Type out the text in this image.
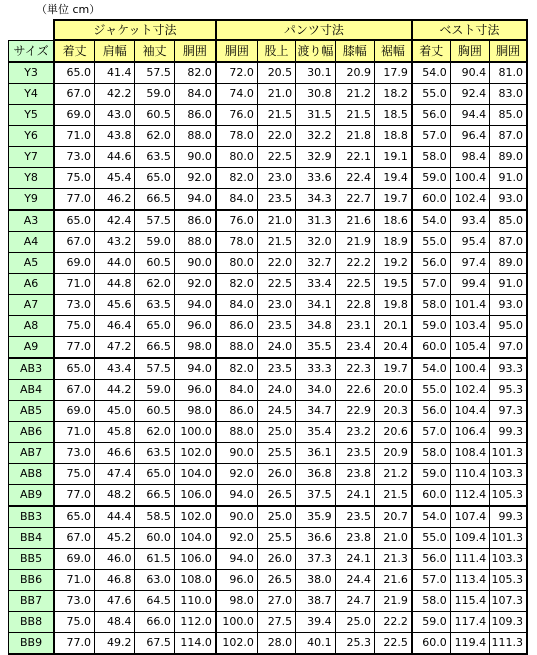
（単位 cm）
	ジャケット寸法				パンツ寸法					ベスト寸法		
サイズ	着丈	肩幅	袖丈	胴囲	胴囲	股上	渡り幅	膝幅	裾幅	着丈	胸囲	胴囲
Y3	65.0	41.4	57.5	82.0	72.0	20.5	30.1	20.9	17.9	54.0	90.4	81.0
Y4	67.0	42.2	59.0	84.0	74.0	21.0	30.8	21.2	18.2	55.0	92.4	83.0
Y5	69.0	43.0	60.5	86.0	76.0	21.5	31.5	21.5	18.5	56.0	94.4	85.0
Y6	71.0	43.8	62.0	88.0	78.0	22.0	32.2	21.8	18.8	57.0	96.4	87.0
Y7	73.0	44.6	63.5	90.0	80.0	22.5	32.9	22.1	19.1	58.0	98.4	89.0
Y8	75.0	45.4	65.0	92.0	82.0	23.0	33.6	22.4	19.4	59.0	100.4	91.0
Y9	77.0	46.2	66.5	94.0	84.0	23.5	34.3	22.7	19.7	60.0	102.4	93.0
A3	65.0	42.4	57.5	86.0	76.0	21.0	31.3	21.6	18.6	54.0	93.4	85.0
A4	67.0	43.2	59.0	88.0	78.0	21.5	32.0	21.9	18.9	55.0	95.4	87.0
A5	69.0	44.0	60.5	90.0	80.0	22.0	32.7	22.2	19.2	56.0	97.4	89.0
A6	71.0	44.8	62.0	92.0	82.0	22.5	33.4	22.5	19.5	57.0	99.4	91.0
A7	73.0	45.6	63.5	94.0	84.0	23.0	34.1	22.8	19.8	58.0	101.4	93.0
A8	75.0	46.4	65.0	96.0	86.0	23.5	34.8	23.1	20.1	59.0	103.4	95.0
A9	77.0	47.2	66.5	98.0	88.0	24.0	35.5	23.4	20.4	60.0	105.4	97.0
AB3	65.0	43.4	57.5	94.0	82.0	23.5	33.3	22.3	19.7	54.0	100.4	93.3
AB4	67.0	44.2	59.0	96.0	84.0	24.0	34.0	22.6	20.0	55.0	102.4	95.3
AB5	69.0	45.0	60.5	98.0	86.0	24.5	34.7	22.9	20.3	56.0	104.4	97.3
AB6	71.0	45.8	62.0	100.0	88.0	25.0	35.4	23.2	20.6	57.0	106.4	99.3
AB7	73.0	46.6	63.5	102.0	90.0	25.5	36.1	23.5	20.9	58.0	108.4	101.3
AB8	75.0	47.4	65.0	104.0	92.0	26.0	36.8	23.8	21.2	59.0	110.4	103.3
AB9	77.0	48.2	66.5	106.0	94.0	26.5	37.5	24.1	21.5	60.0	112.4	105.3
BB3	65.0	44.4	58.5	102.0	90.0	25.0	35.9	23.5	20.7	54.0	107.4	99.3
BB4	67.0	45.2	60.0	104.0	92.0	25.5	36.6	23.8	21.0	55.0	109.4	101.3
BB5	69.0	46.0	61.5	106.0	94.0	26.0	37.3	24.1	21.3	56.0	111.4	103.3
BB6	71.0	46.8	63.0	108.0	96.0	26.5	38.0	24.4	21.6	57.0	113.4	105.3
BB7	73.0	47.6	64.5	110.0	98.0	27.0	38.7	24.7	21.9	58.0	115.4	107.3
BB8	75.0	48.4	66.0	112.0	100.0	27.5	39.4	25.0	22.2	59.0	117.4	109.3
BB9	77.0	49.2	67.5	114.0	102.0	28.0	40.1	25.3	22.5	60.0	119.4	111.3
